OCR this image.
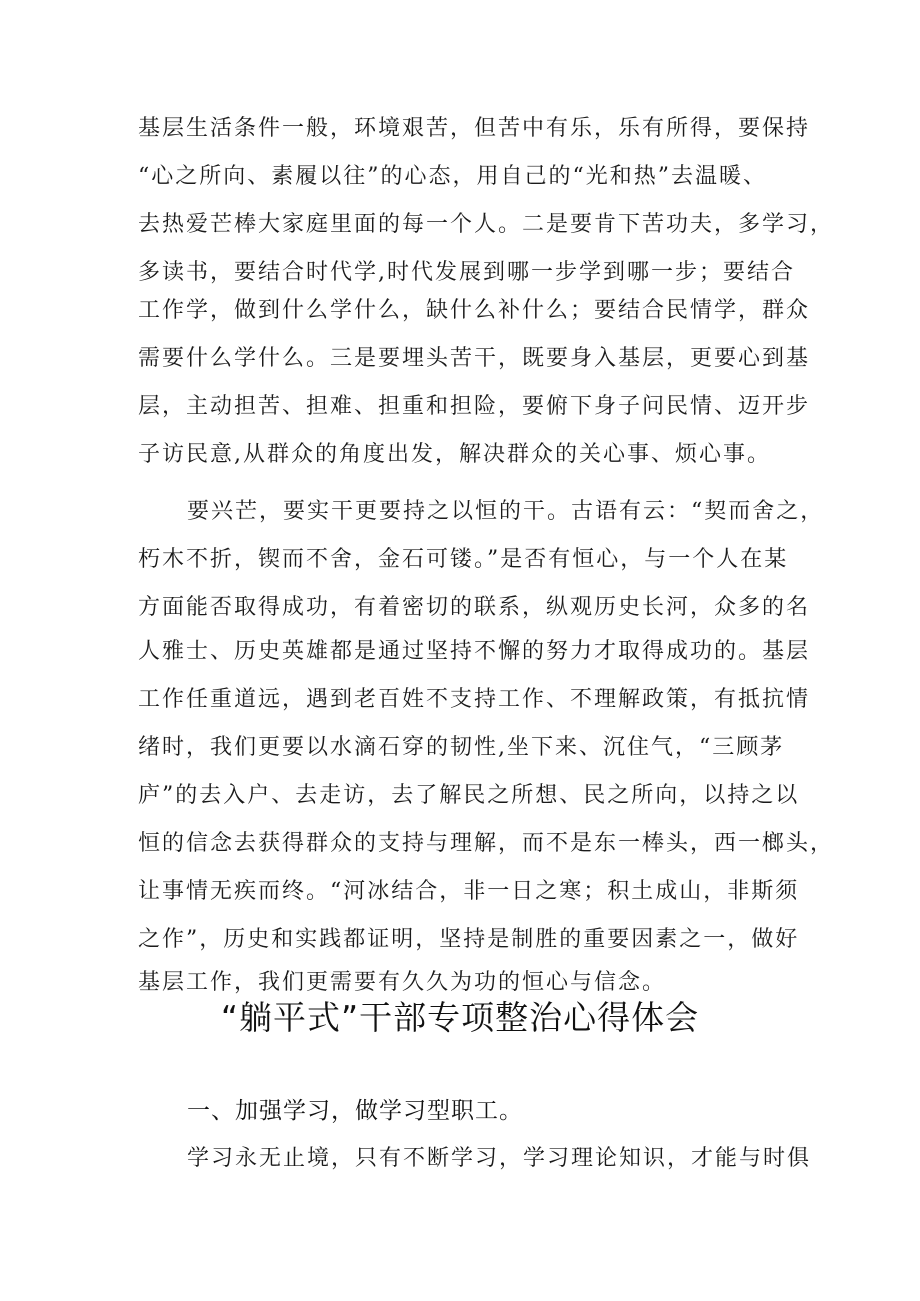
基层生活条件一般，环境艰苦，但苦中有乐，乐有所得，要保持
“心之所向、素履以往”的心态，用自己的“光和热”去温暖、
去热爱芒棒大家庭里面的每一个人。二是要肯下苦功夫，多学习，
多读书，要结合时代学,时代发展到哪一步学到哪一步；要结合
工作学，做到什么学什么，缺什么补什么；要结合民情学，群众
需要什么学什么。三是要埋头苦干，既要身入基层，更要心到基
层，主动担苦、担难、担重和担险，要俯下身子问民情、迈开步
子访民意,从群众的角度出发，解决群众的关心事、烦心事。
要兴芒，要实干更要持之以恒的干。古语有云：“契而舍之，
朽木不折，锲而不舍，金石可镂。”是否有恒心，与一个人在某
方面能否取得成功，有着密切的联系，纵观历史长河，众多的名
人雅士、历史英雄都是通过坚持不懈的努力才取得成功的。基层
工作任重道远，遇到老百姓不支持工作、不理解政策，有抵抗情
绪时，我们更要以水滴石穿的韧性,坐下来、沉住气，“三顾茅
庐”的去入户、去走访，去了解民之所想、民之所向，以持之以
恒的信念去获得群众的支持与理解，而不是东一棒头，西一榔头，
让事情无疾而终。“河冰结合，非一日之寒；积土成山，非斯须
之作”，历史和实践都证明，坚持是制胜的重要因素之一，做好
基层工作，我们更需要有久久为功的恒心与信念。
“躺平式”干部专项整治心得体会
一、加强学习，做学习型职工。
学习永无止境，只有不断学习，学习理论知识，才能与时俱
